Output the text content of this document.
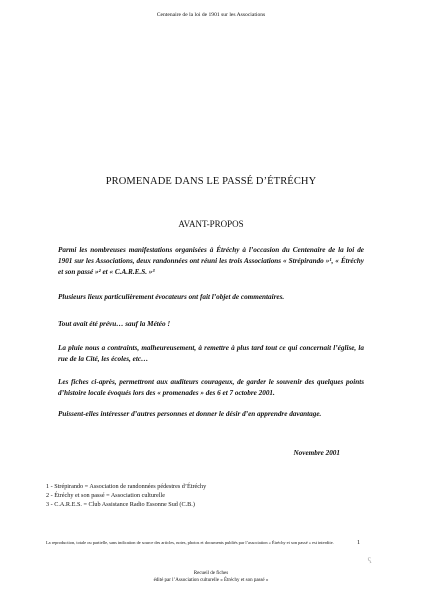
Centenaire de la loi de 1901 sur les Associations
PROMENADE DANS LE PASSÉ D’ÉTRÉCHY
AVANT-PROPOS
Parmi les nombreuses manifestations organisées à Étréchy à l’occasion du Centenaire de la loi de 1901 sur les Associations, deux randonnées ont réuni les trois Associations « Strépirando »¹, « Étréchy et son passé »² et « C.A.R.E.S. »³
Plusieurs lieux particulièrement évocateurs ont fait l’objet de commentaires.
Tout avait été prévu… sauf la Météo !
La pluie nous a contraints, malheureusement, à remettre à plus tard tout ce qui concernait l’église, la rue de la Cité, les écoles, etc…
Les fiches ci-après, permettront aux auditeurs courageux, de garder le souvenir des quelques points d’histoire locale évoqués lors des « promenades » des 6 et 7 octobre 2001.
Puissent-elles intéresser d’autres personnes et donner le désir d’en apprendre davantage.
Novembre 2001
1 - Strépirando = Association de randonnées pédestres d’Étréchy
2 - Étréchy et son passé = Association culturelle
3 - C.A.R.E.S. = Club Assistance Radio Essonne Sud (C.B.)
La reproduction, totale ou partielle, sans indication de source des articles, notes, photos et documents publiés par l’association « Étréchy et son passé » est interdite.	1
ʕ
Recueil de fiches
édité par l’Association culturelle « Étréchy et son passé »
